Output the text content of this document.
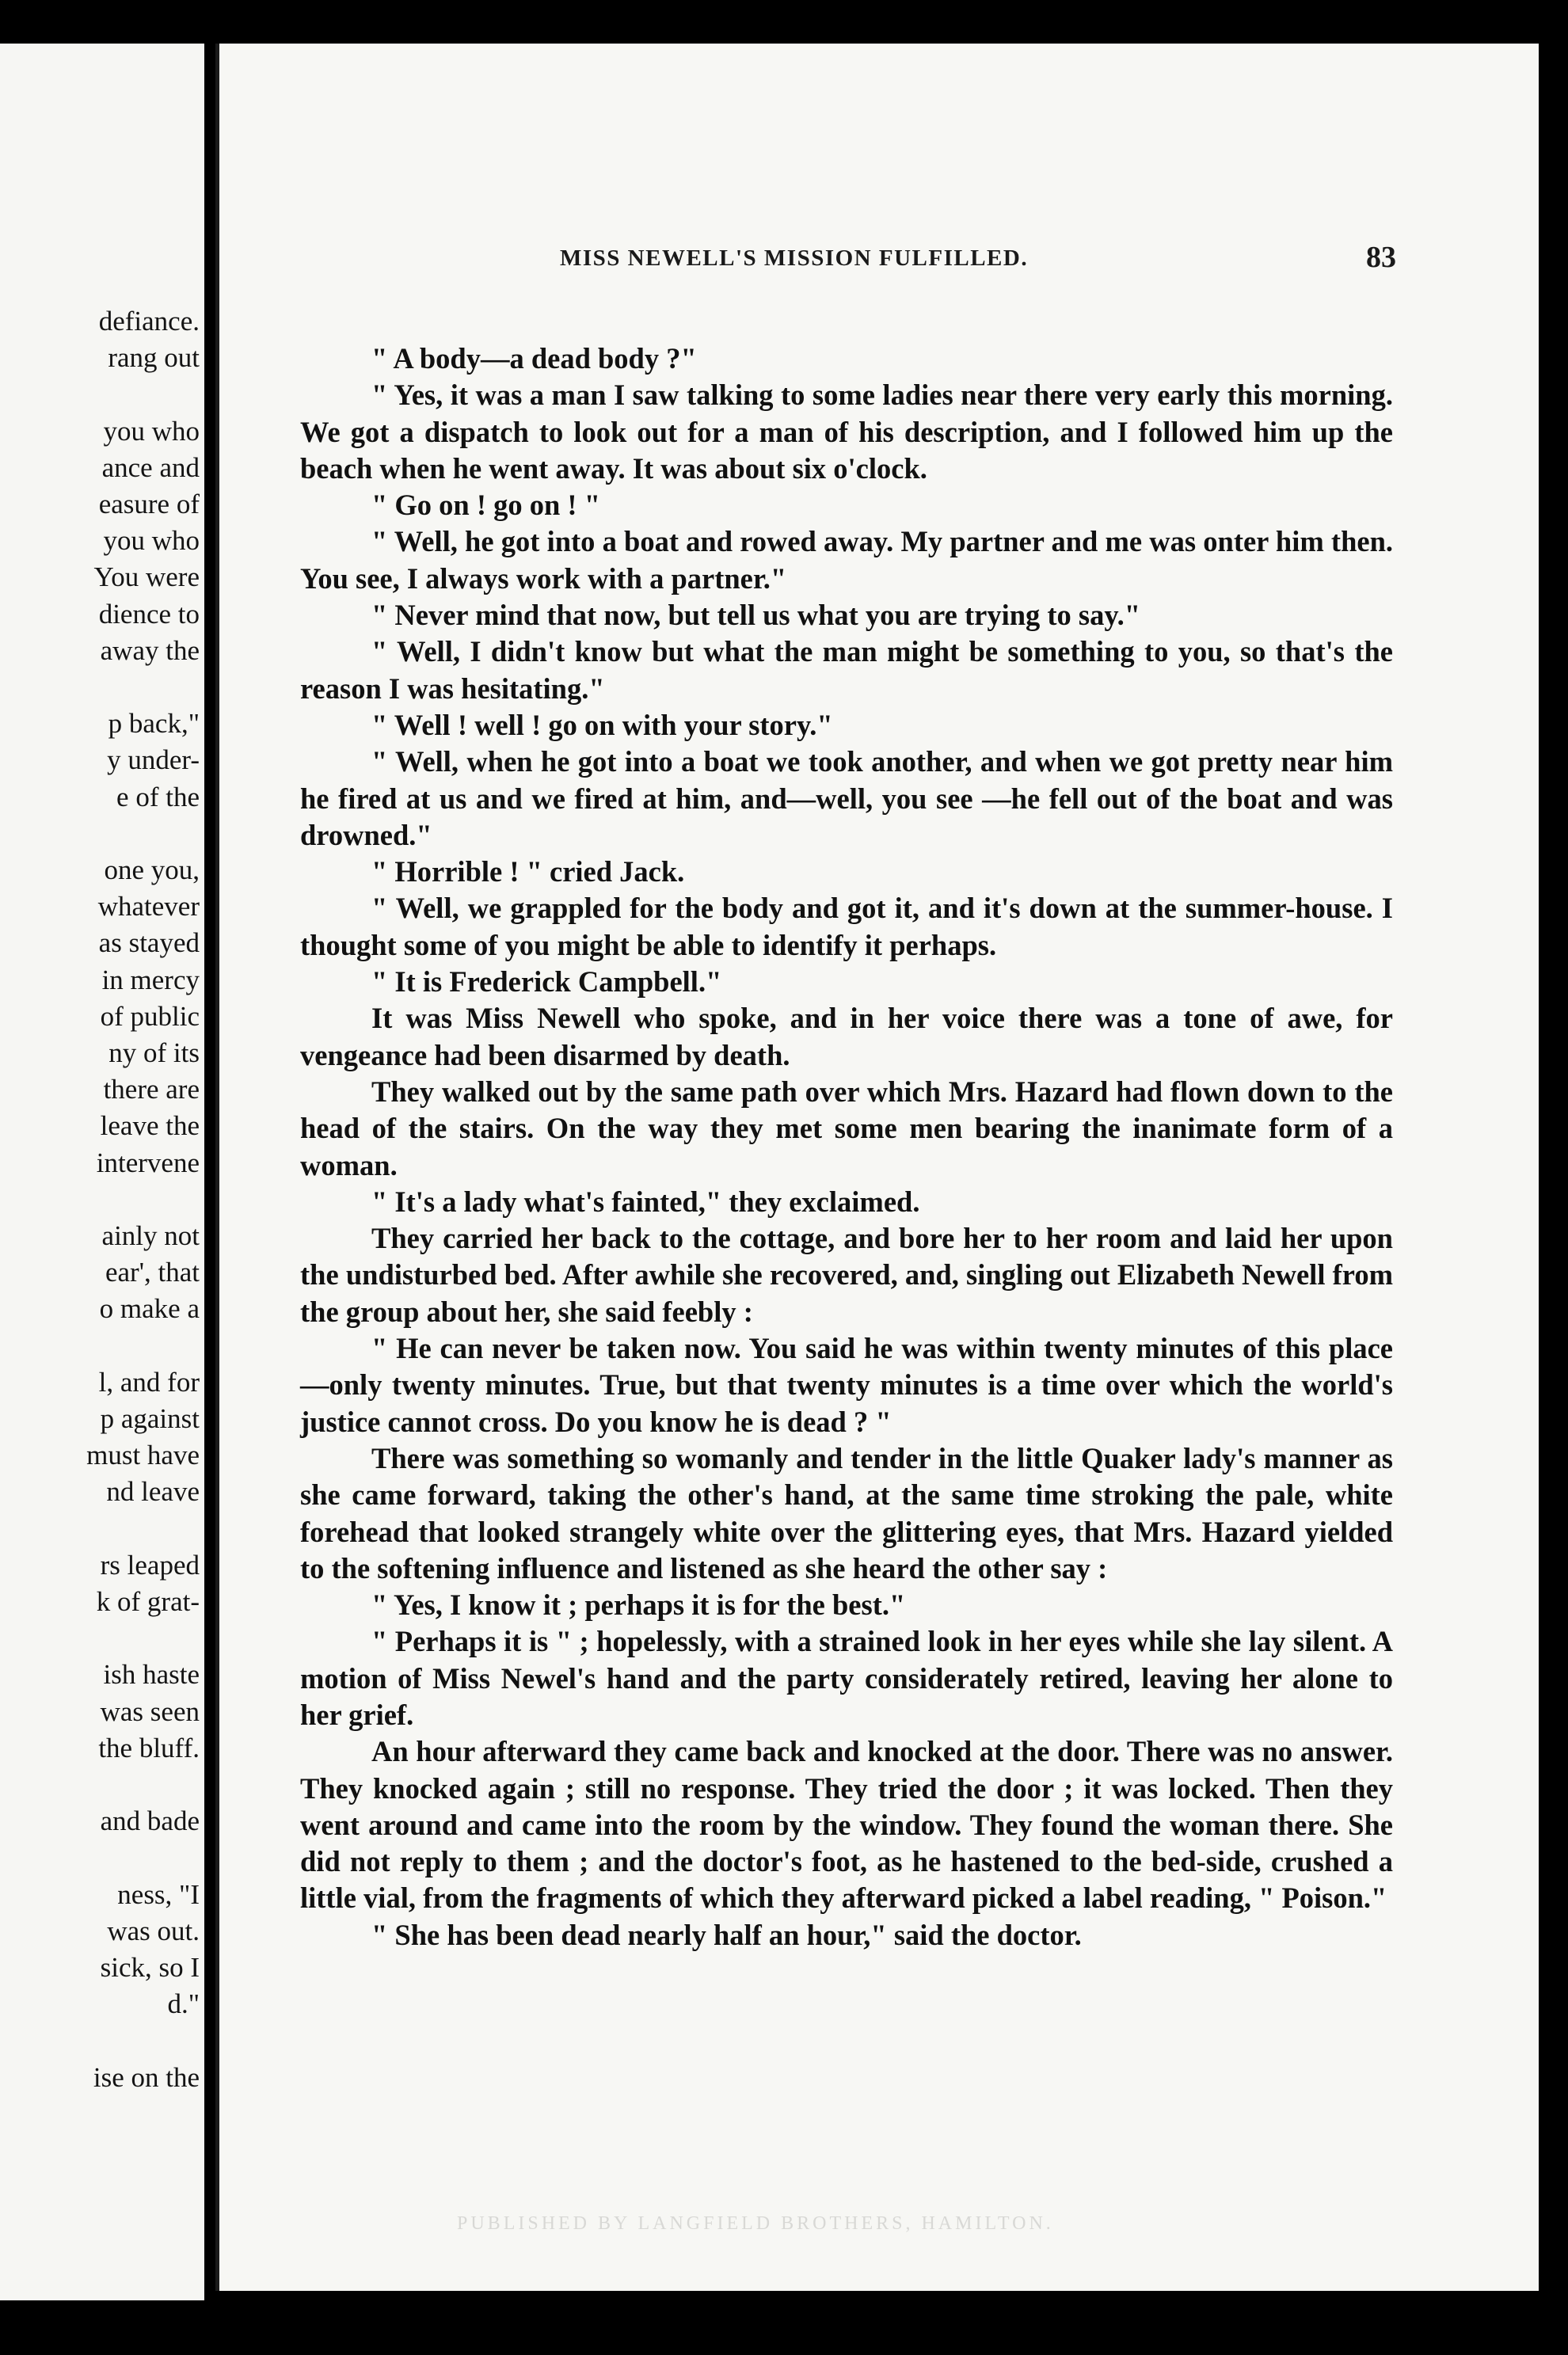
defiance.
rang out
you who
ance and
easure of
you who
You were
dience to
away the
p back,"
y under-
e of the
one you,
whatever
as stayed
in mercy
of public
ny of its
there are
leave the
intervene
ainly not
ear', that
o make a
l, and for
p against
must have
nd leave
rs leaped
k of grat-
ish haste
was seen
the bluff.
and bade
ness, "I
was out.
sick, so I
d."
ise on the
MISS NEWELL'S MISSION FULFILLED.	83

" A body—a dead body ?"

" Yes, it was a man I saw talking to some ladies near there very early this morning. We got a dispatch to look out for a man of his description, and I followed him up the beach when he went away. It was about six o'clock.

" Go on ! go on ! "

" Well, he got into a boat and rowed away. My partner and me was onter him then. You see, I always work with a partner."

" Never mind that now, but tell us what you are trying to say."

" Well, I didn't know but what the man might be something to you, so that's the reason I was hesitating."

" Well ! well ! go on with your story."

" Well, when he got into a boat we took another, and when we got pretty near him he fired at us and we fired at him, and—well, you see —he fell out of the boat and was drowned."

" Horrible ! " cried Jack.

" Well, we grappled for the body and got it, and it's down at the summer-house. I thought some of you might be able to identify it perhaps.

" It is Frederick Campbell."

It was Miss Newell who spoke, and in her voice there was a tone of awe, for vengeance had been disarmed by death.

They walked out by the same path over which Mrs. Hazard had flown down to the head of the stairs. On the way they met some men bearing the inanimate form of a woman.

" It's a lady what's fainted," they exclaimed.

They carried her back to the cottage, and bore her to her room and laid her upon the undisturbed bed. After awhile she recovered, and, singling out Elizabeth Newell from the group about her, she said feebly :

" He can never be taken now. You said he was within twenty minutes of this place—only twenty minutes. True, but that twenty minutes is a time over which the world's justice cannot cross. Do you know he is dead ? "

There was something so womanly and tender in the little Quaker lady's manner as she came forward, taking the other's hand, at the same time stroking the pale, white forehead that looked strangely white over the glittering eyes, that Mrs. Hazard yielded to the softening influence and listened as she heard the other say :

" Yes, I know it ; perhaps it is for the best."

" Perhaps it is " ; hopelessly, with a strained look in her eyes while she lay silent. A motion of Miss Newel's hand and the party considerately retired, leaving her alone to her grief.

An hour afterward they came back and knocked at the door. There was no answer. They knocked again ; still no response. They tried the door ; it was locked. Then they went around and came into the room by the window. They found the woman there. She did not reply to them ; and the doctor's foot, as he hastened to the bed-side, crushed a little vial, from the fragments of which they afterward picked a label reading, " Poison."

" She has been dead nearly half an hour," said the doctor.

PUBLISHED BY LANGFIELD BROTHERS, HAMILTON.
